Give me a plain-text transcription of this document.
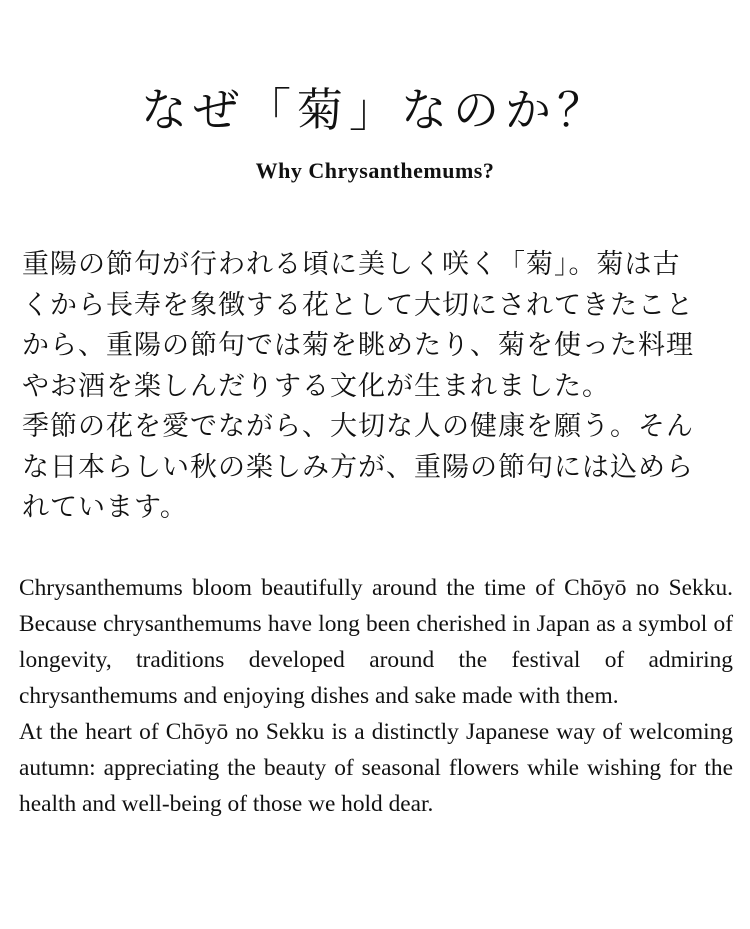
なぜ「菊」なのか？
Why Chrysanthemums?

重陽の節句が行われる頃に美しく咲く「菊」。菊は古
くから長寿を象徴する花として大切にされてきたこと
から、重陽の節句では菊を眺めたり、菊を使った料理
やお酒を楽しんだりする文化が生まれました。

季節の花を愛でながら、大切な人の健康を願う。そん
な日本らしい秋の楽しみ方が、重陽の節句には込めら
れています。

Chrysanthemums bloom beautifully around the time of Chōyō no Sekku. Because chrysanthemums have long been cherished in Japan as a symbol of longevity, traditions developed around the festival of admiring chrysanthemums and enjoying dishes and sake made with them.

At the heart of Chōyō no Sekku is a distinctly Japanese way of welcoming autumn: appreciating the beauty of seasonal flowers while wishing for the health and well-being of those we hold dear.
